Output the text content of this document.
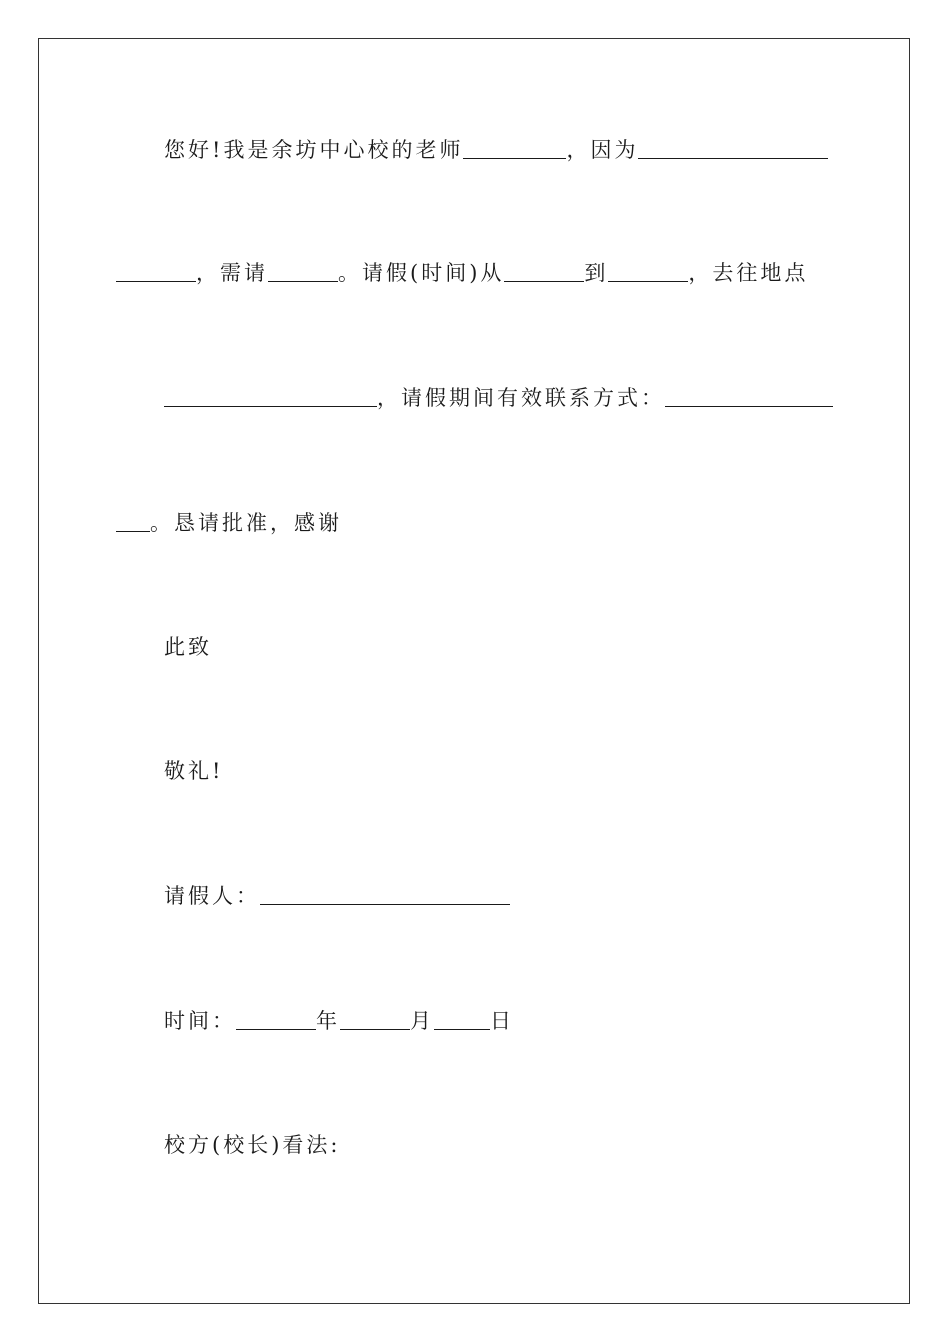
您好!我是余坊中心校的老师	，因为
，需请	。请假(时间)从	到	，去往地点
，请假期间有效联系方式：
。恳请批准，感谢
此致
敬礼!
请假人：
时间：	年	月	日
校方(校长)看法:
